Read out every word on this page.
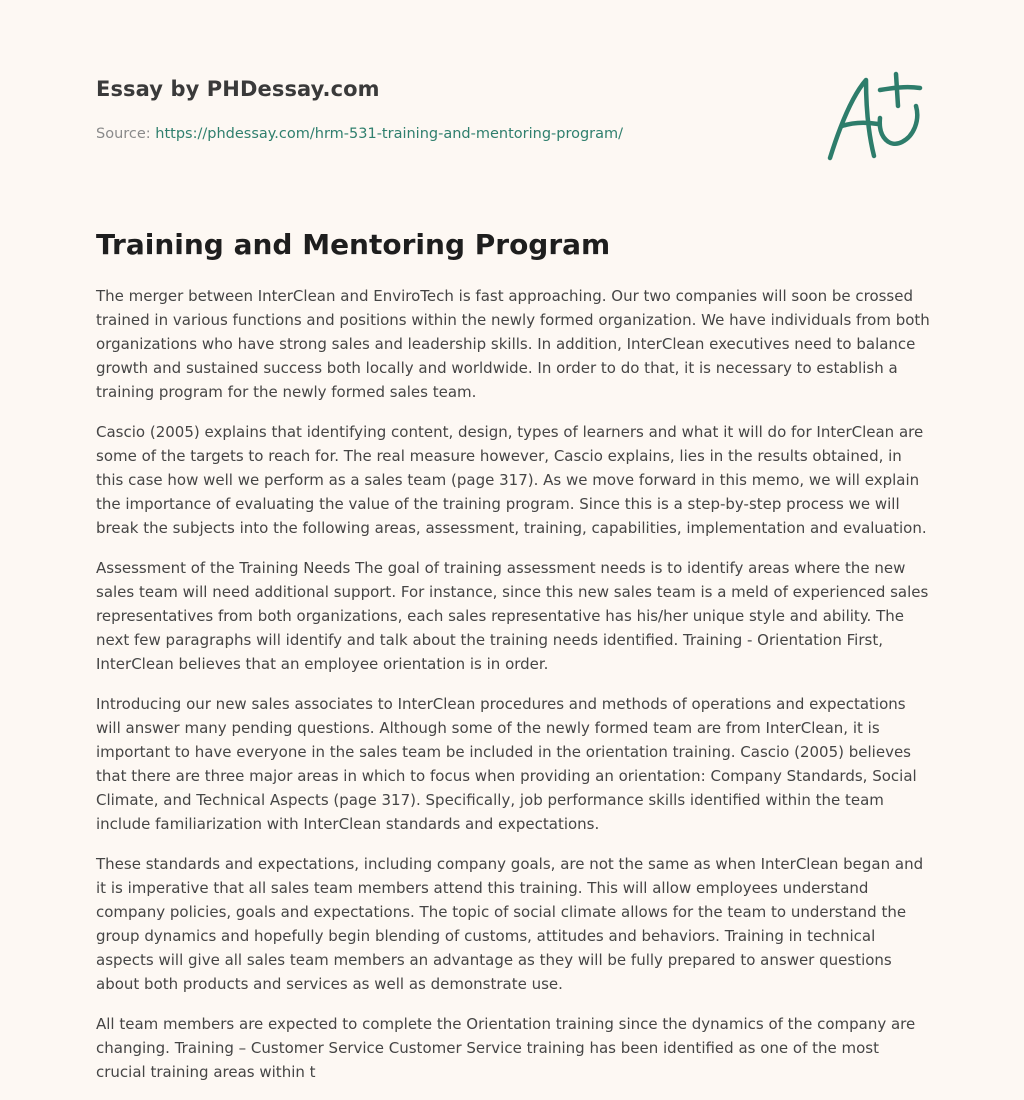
Essay by PHDessay.com
Source: https://phdessay.com/hrm-531-training-and-mentoring-program/
Training and Mentoring Program

The merger between InterClean and EnviroTech is fast approaching. Our two companies will soon be crossed trained in various functions and positions within the newly formed organization. We have individuals from both organizations who have strong sales and leadership skills. In addition, InterClean executives need to balance growth and sustained success both locally and worldwide. In order to do that, it is necessary to establish a training program for the newly formed sales team.

Cascio (2005) explains that identifying content, design, types of learners and what it will do for InterClean are some of the targets to reach for. The real measure however, Cascio explains, lies in the results obtained, in this case how well we perform as a sales team (page 317). As we move forward in this memo, we will explain the importance of evaluating the value of the training program. Since this is a step-by-step process we will break the subjects into the following areas, assessment, training, capabilities, implementation and evaluation.

Assessment of the Training Needs The goal of training assessment needs is to identify areas where the new sales team will need additional support. For instance, since this new sales team is a meld of experienced sales representatives from both organizations, each sales representative has his/her unique style and ability. The next few paragraphs will identify and talk about the training needs identified. Training - Orientation First, InterClean believes that an employee orientation is in order.

Introducing our new sales associates to InterClean procedures and methods of operations and expectations will answer many pending questions. Although some of the newly formed team are from InterClean, it is important to have everyone in the sales team be included in the orientation training. Cascio (2005) believes that there are three major areas in which to focus when providing an orientation: Company Standards, Social Climate, and Technical Aspects (page 317). Specifically, job performance skills identified within the team include familiarization with InterClean standards and expectations.

These standards and expectations, including company goals, are not the same as when InterClean began and it is imperative that all sales team members attend this training. This will allow employees understand company policies, goals and expectations. The topic of social climate allows for the team to understand the group dynamics and hopefully begin blending of customs, attitudes and behaviors. Training in technical aspects will give all sales team members an advantage as they will be fully prepared to answer questions about both products and services as well as demonstrate use.

All team members are expected to complete the Orientation training since the dynamics of the company are changing. Training – Customer Service Customer Service training has been identified as one of the most crucial training areas within t
